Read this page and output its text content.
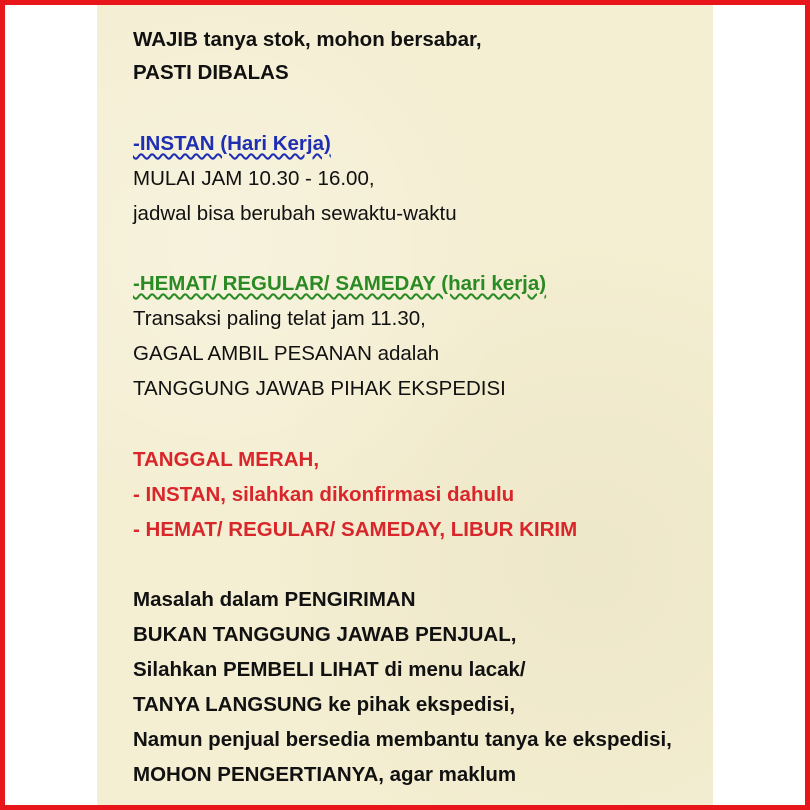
WAJIB tanya stok, mohon bersabar,
PASTI DIBALAS
-INSTAN (Hari Kerja)
MULAI JAM 10.30 - 16.00,
jadwal bisa berubah sewaktu-waktu
-HEMAT/ REGULAR/ SAMEDAY (hari kerja)
Transaksi paling telat jam 11.30,
GAGAL AMBIL PESANAN adalah
TANGGUNG JAWAB PIHAK EKSPEDISI
TANGGAL MERAH,
- INSTAN, silahkan dikonfirmasi dahulu
- HEMAT/ REGULAR/ SAMEDAY, LIBUR KIRIM
Masalah dalam PENGIRIMAN
BUKAN TANGGUNG JAWAB PENJUAL,
Silahkan PEMBELI LIHAT di menu lacak/
TANYA LANGSUNG ke pihak ekspedisi,
Namun penjual bersedia membantu tanya ke ekspedisi,
MOHON PENGERTIANYA, agar maklum
